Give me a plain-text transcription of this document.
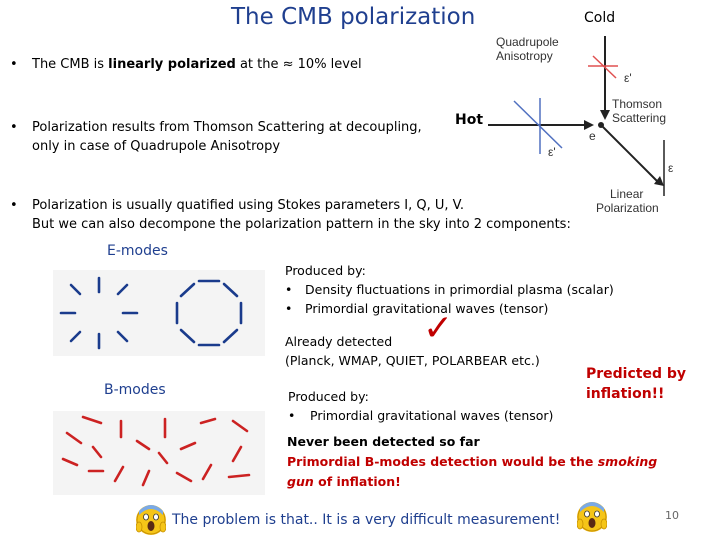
The CMB polarization
• The CMB is linearly polarized at the ≈ 10% level
• Polarization results from Thomson Scattering at decoupling,
only in case of Quadrupole Anisotropy
• Polarization is usually quatified using Stokes parameters I, Q, U, V.
But we can also decompone the polarization pattern in the sky into 2 components:
Cold
Hot
Quadrupole
Anisotropy
ε'
ε'
e
Thomson
Scattering
ε
Linear
Polarization
E-modes
Produced by:
• Density fluctuations in primordial plasma (scalar)
• Primordial gravitational waves (tensor)
Already detected
(Planck, WMAP, QUIET, POLARBEAR etc.)
✓
B-modes	Produced by:
• Primordial gravitational waves (tensor)
Predicted by
inflation!!
Never been detected so far
Primordial B-modes detection would be the smoking
gun of inflation!
The problem is that.. It is a very difficult measurement!	10
